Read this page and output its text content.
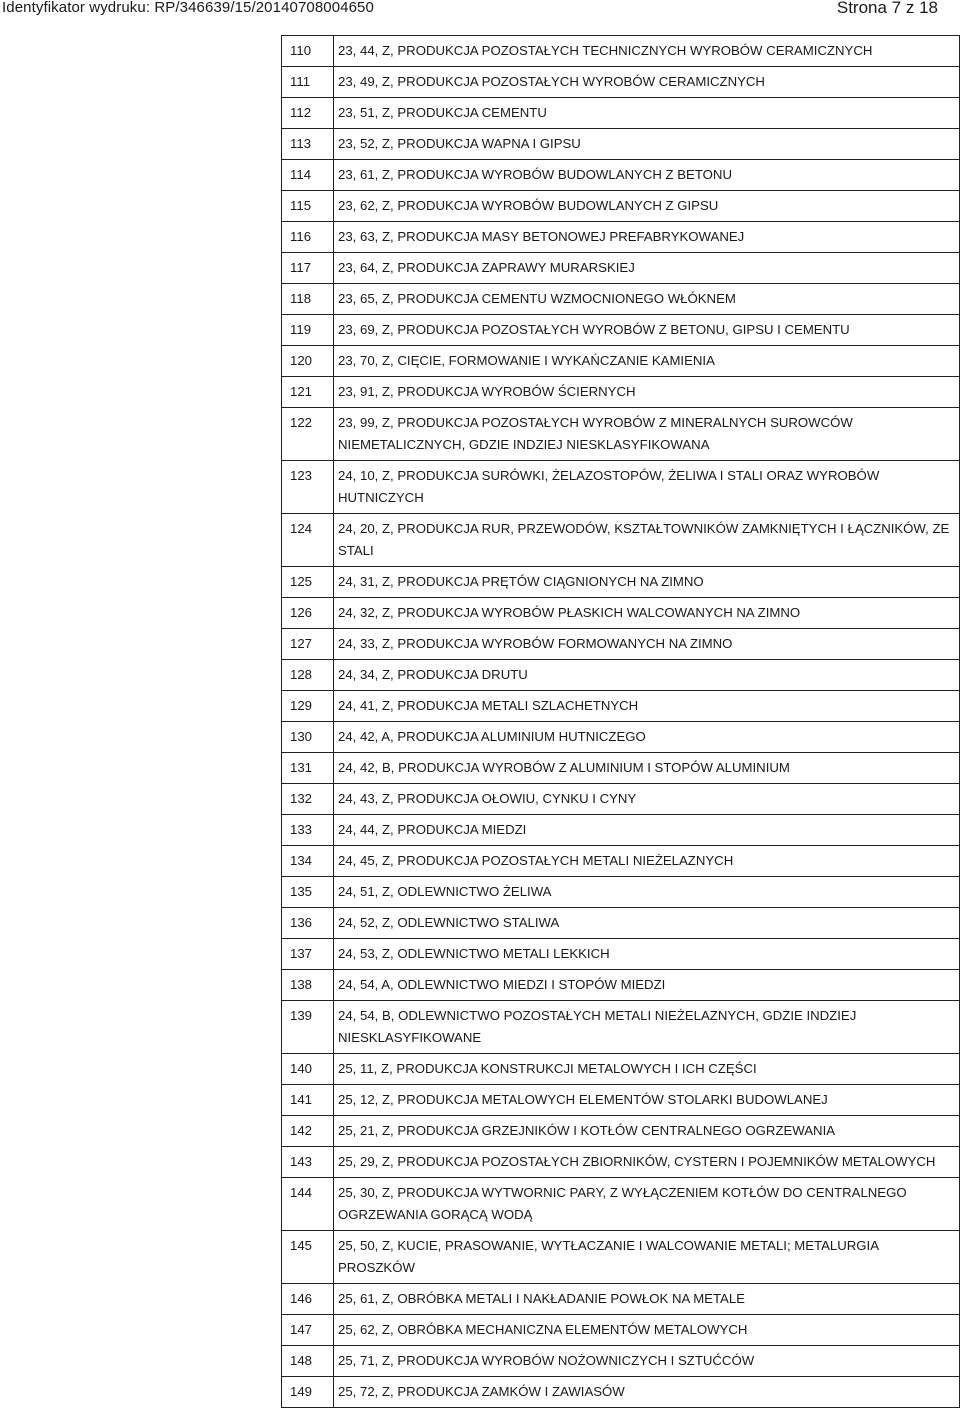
Identyfikator wydruku: RP/346639/15/20140708004650	Strona 7 z 18
110	23, 44, Z, PRODUKCJA POZOSTAŁYCH TECHNICZNYCH WYROBÓW CERAMICZNYCH
111	23, 49, Z, PRODUKCJA POZOSTAŁYCH WYROBÓW CERAMICZNYCH
112	23, 51, Z, PRODUKCJA CEMENTU
113	23, 52, Z, PRODUKCJA WAPNA I GIPSU
114	23, 61, Z, PRODUKCJA WYROBÓW BUDOWLANYCH Z BETONU
115	23, 62, Z, PRODUKCJA WYROBÓW BUDOWLANYCH Z GIPSU
116	23, 63, Z, PRODUKCJA MASY BETONOWEJ PREFABRYKOWANEJ
117	23, 64, Z, PRODUKCJA ZAPRAWY MURARSKIEJ
118	23, 65, Z, PRODUKCJA CEMENTU WZMOCNIONEGO WŁÓKNEM
119	23, 69, Z, PRODUKCJA POZOSTAŁYCH WYROBÓW Z BETONU, GIPSU I CEMENTU
120	23, 70, Z, CIĘCIE, FORMOWANIE I WYKAŃCZANIE KAMIENIA
121	23, 91, Z, PRODUKCJA WYROBÓW ŚCIERNYCH
122	23, 99, Z, PRODUKCJA POZOSTAŁYCH WYROBÓW Z MINERALNYCH SUROWCÓW NIEMETALICZNYCH, GDZIE INDZIEJ NIESKLASYFIKOWANA
123	24, 10, Z, PRODUKCJA SURÓWKI, ŻELAZOSTOPÓW, ŻELIWA I STALI ORAZ WYROBÓW HUTNICZYCH
124	24, 20, Z, PRODUKCJA RUR, PRZEWODÓW, KSZTAŁTOWNIKÓW ZAMKNIĘTYCH I ŁĄCZNIKÓW, ZE STALI
125	24, 31, Z, PRODUKCJA PRĘTÓW CIĄGNIONYCH NA ZIMNO
126	24, 32, Z, PRODUKCJA WYROBÓW PŁASKICH WALCOWANYCH NA ZIMNO
127	24, 33, Z, PRODUKCJA WYROBÓW FORMOWANYCH NA ZIMNO
128	24, 34, Z, PRODUKCJA DRUTU
129	24, 41, Z, PRODUKCJA METALI SZLACHETNYCH
130	24, 42, A, PRODUKCJA ALUMINIUM HUTNICZEGO
131	24, 42, B, PRODUKCJA WYROBÓW Z ALUMINIUM I STOPÓW ALUMINIUM
132	24, 43, Z, PRODUKCJA OŁOWIU, CYNKU I CYNY
133	24, 44, Z, PRODUKCJA MIEDZI
134	24, 45, Z, PRODUKCJA POZOSTAŁYCH METALI NIEŻELAZNYCH
135	24, 51, Z, ODLEWNICTWO ŻELIWA
136	24, 52, Z, ODLEWNICTWO STALIWA
137	24, 53, Z, ODLEWNICTWO METALI LEKKICH
138	24, 54, A, ODLEWNICTWO MIEDZI I STOPÓW MIEDZI
139	24, 54, B, ODLEWNICTWO POZOSTAŁYCH METALI NIEŻELAZNYCH, GDZIE INDZIEJ NIESKLASYFIKOWANE
140	25, 11, Z, PRODUKCJA KONSTRUKCJI METALOWYCH I ICH CZĘŚCI
141	25, 12, Z, PRODUKCJA METALOWYCH ELEMENTÓW STOLARKI BUDOWLANEJ
142	25, 21, Z, PRODUKCJA GRZEJNIKÓW I KOTŁÓW CENTRALNEGO OGRZEWANIA
143	25, 29, Z, PRODUKCJA POZOSTAŁYCH ZBIORNIKÓW, CYSTERN I POJEMNIKÓW METALOWYCH
144	25, 30, Z, PRODUKCJA WYTWORNIC PARY, Z WYŁĄCZENIEM KOTŁÓW DO CENTRALNEGO OGRZEWANIA GORĄCĄ WODĄ
145	25, 50, Z, KUCIE, PRASOWANIE, WYTŁACZANIE I WALCOWANIE METALI; METALURGIA PROSZKÓW
146	25, 61, Z, OBRÓBKA METALI I NAKŁADANIE POWŁOK NA METALE
147	25, 62, Z, OBRÓBKA MECHANICZNA ELEMENTÓW METALOWYCH
148	25, 71, Z, PRODUKCJA WYROBÓW NOŻOWNICZYCH I SZTUĆCÓW
149	25, 72, Z, PRODUKCJA ZAMKÓW I ZAWIASÓW
